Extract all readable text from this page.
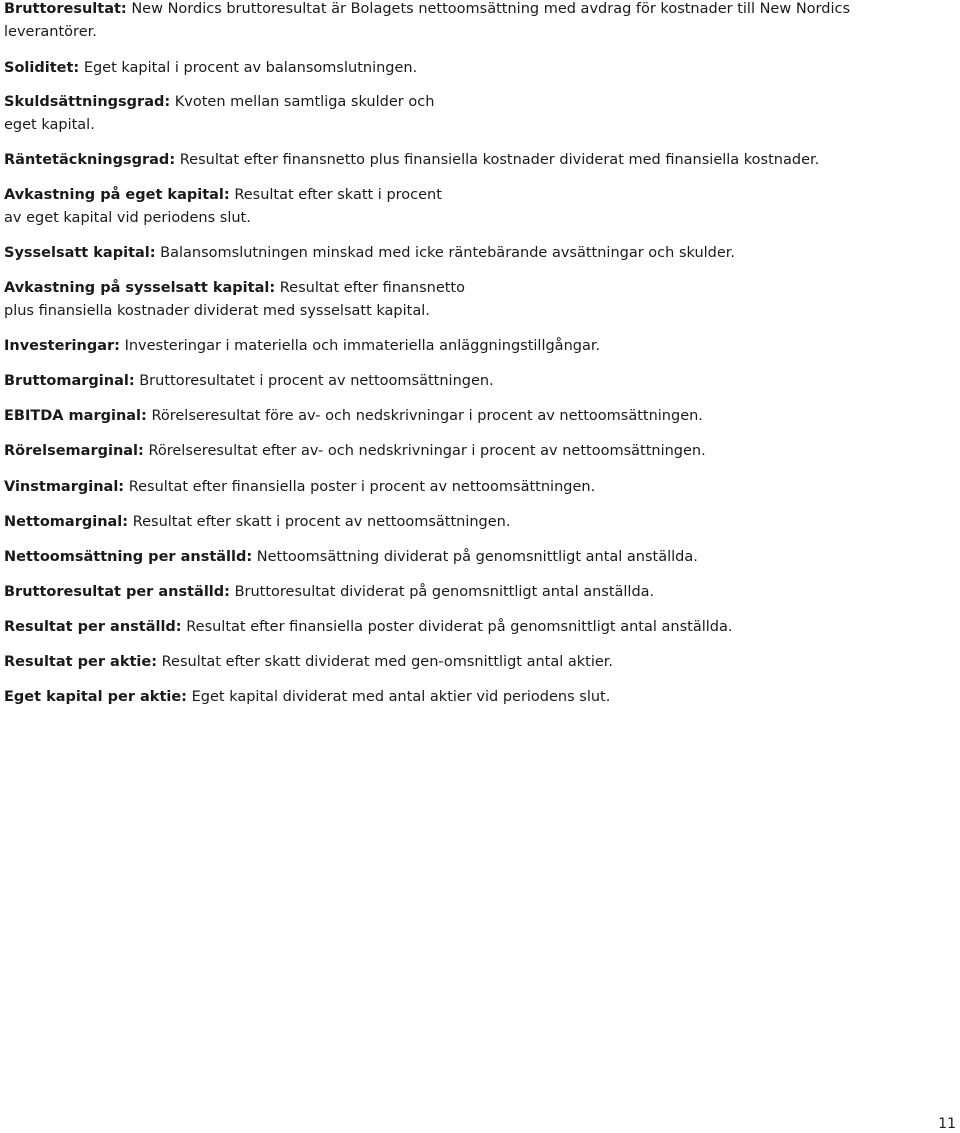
Bruttoresultat: New Nordics bruttoresultat är Bolagets nettoomsättning med avdrag för kostnader till New Nordics
leverantörer.

Soliditet: Eget kapital i procent av balansomslutningen.

Skuldsättningsgrad: Kvoten mellan samtliga skulder och
eget kapital.

Räntetäckningsgrad: Resultat efter finansnetto plus finansiella kostnader dividerat med finansiella kostnader.

Avkastning på eget kapital: Resultat efter skatt i procent
av eget kapital vid periodens slut.

Sysselsatt kapital: Balansomslutningen minskad med icke räntebärande avsättningar och skulder.

Avkastning på sysselsatt kapital: Resultat efter finansnetto
plus finansiella kostnader dividerat med sysselsatt kapital.

Investeringar: Investeringar i materiella och immateriella anläggningstillgångar.

Bruttomarginal: Bruttoresultatet i procent av nettoomsättningen.

EBITDA marginal: Rörelseresultat före av- och nedskrivningar i procent av nettoomsättningen.

Rörelsemarginal: Rörelseresultat efter av- och nedskrivningar i procent av nettoomsättningen.

Vinstmarginal: Resultat efter finansiella poster i procent av nettoomsättningen.

Nettomarginal: Resultat efter skatt i procent av nettoomsättningen.

Nettoomsättning per anställd: Nettoomsättning dividerat på genomsnittligt antal anställda.

Bruttoresultat per anställd: Bruttoresultat dividerat på genomsnittligt antal anställda.

Resultat per anställd: Resultat efter finansiella poster dividerat på genomsnittligt antal anställda.

Resultat per aktie: Resultat efter skatt dividerat med gen-omsnittligt antal aktier.

Eget kapital per aktie: Eget kapital dividerat med antal aktier vid periodens slut.

11
